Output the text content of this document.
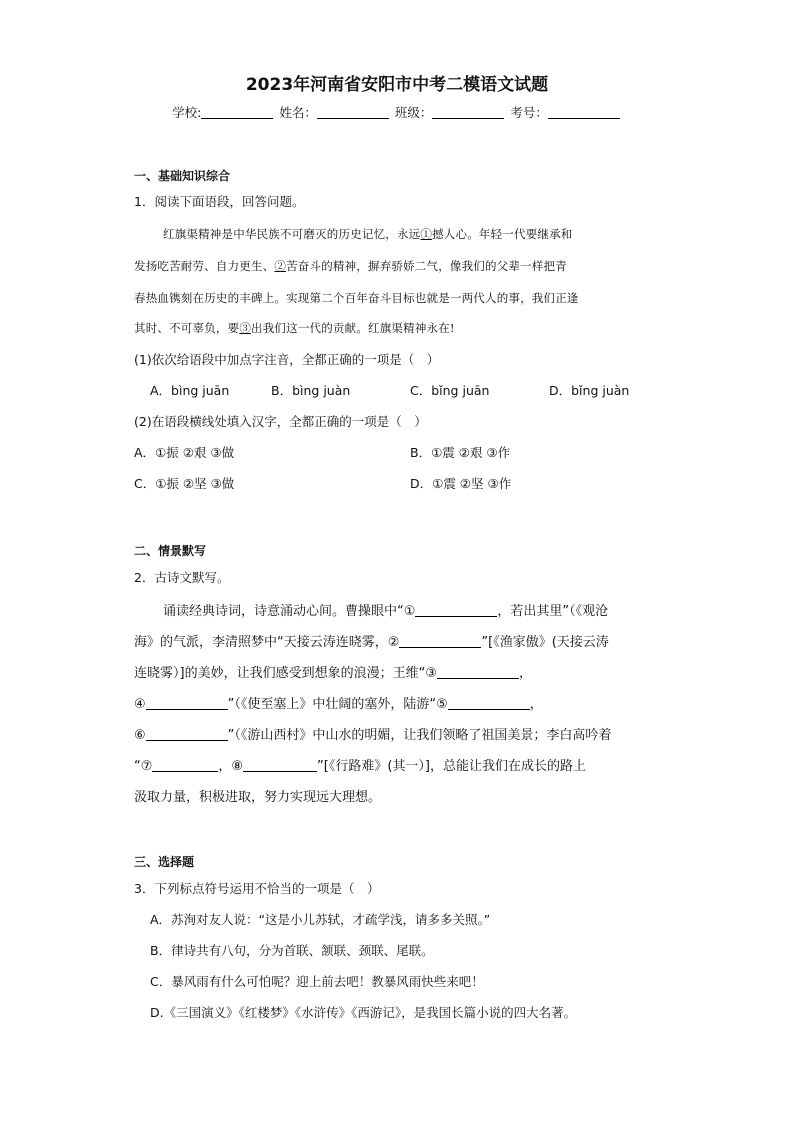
2023年河南省安阳市中考二模语文试题
学校:	姓名：	班级：	考号：
一、基础知识综合
1．阅读下面语段，回答问题。
红旗渠精神是中华民族不可磨灭的历史记忆，永远①撼人心。年轻一代要继承和
发扬吃苦耐劳、自力更生、②苦奋斗的精神，摒弃骄娇二气，像我们的父辈一样把青
春热血镌刻在历史的丰碑上。实现第二个百年奋斗目标也就是一两代人的事，我们正逢
其时、不可辜负，要③出我们这一代的贡献。红旗渠精神永在!
(1)依次给语段中加点字注音，全都正确的一项是（　）
A．bìng juān	B．bìng juàn	C．bǐng juān	D．bǐng juàn
(2)在语段横线处填入汉字，全都正确的一项是（　）
A．①振 ②艰 ③做	B．①震 ②艰 ③作
C．①振 ②坚 ③做	D．①震 ②坚 ③作
二、情景默写
2．古诗文默写。
诵读经典诗词，诗意涌动心间。曹操眼中“①	，若出其里”（《观沧
海》的气派，李清照梦中“天接云涛连晓雾，②	”[《渔家傲》(天接云涛
连晓雾）]的美妙，让我们感受到想象的浪漫；王维“③	，
④	”（《使至塞上》中壮阔的塞外，陆游“⑤	，
⑥	”（《游山西村》中山水的明媚，让我们领略了祖国美景；李白高吟着
“⑦	，⑧	”[《行路难》(其一）]，总能让我们在成长的路上
汲取力量，积极进取，努力实现远大理想。
三、选择题
3．下列标点符号运用不恰当的一项是（　）
A．苏洵对友人说：“这是小儿苏轼，才疏学浅，请多多关照。”
B．律诗共有八句，分为首联、颔联、颈联、尾联。
C．暴风雨有什么可怕呢？迎上前去吧！教暴风雨快些来吧！
D.《三国演义》《红楼梦》《水浒传》《西游记》，是我国长篇小说的四大名著。
